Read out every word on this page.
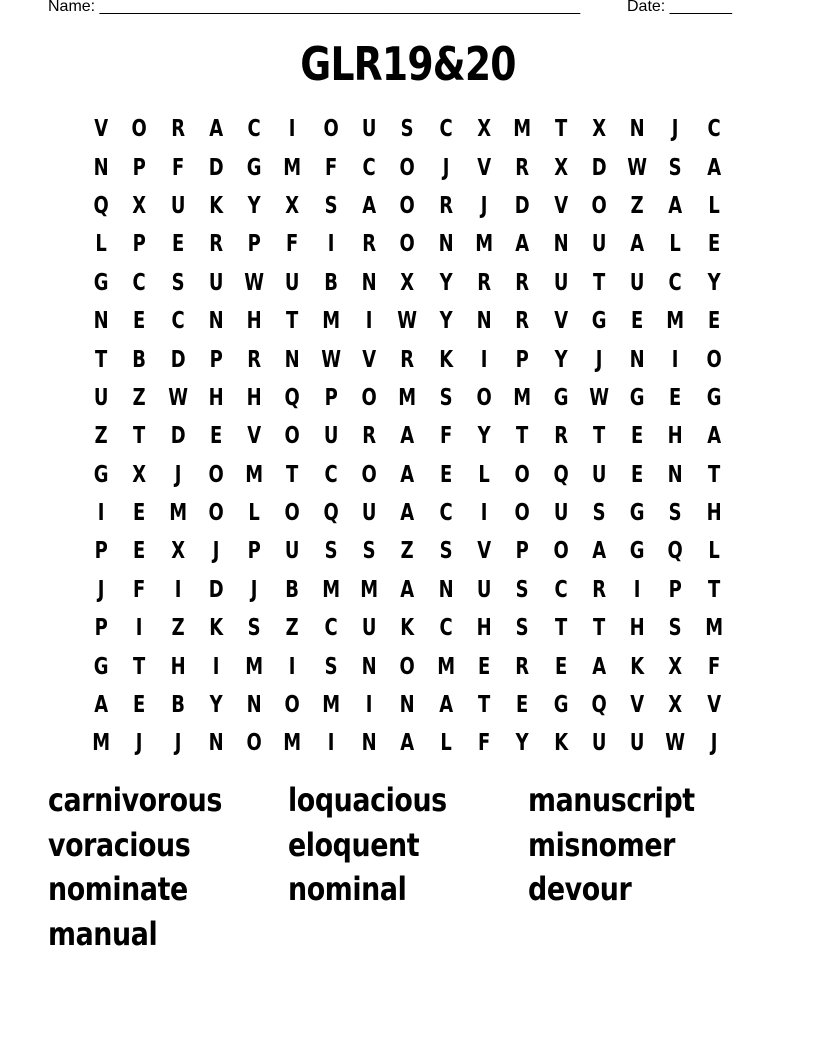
Name: ______________________________________________________	Date: _______
GLR19&20
V	O	R	A	C	I	O	U	S	C	X M	T	X	N	J	C
N	P	F	D	G M	F	C	O	J	V	R	X	D W S	A
Q	X	U	K	Y	X	S	A	O	R	J	D	V	O	Z	A	L
L	P	E	R	P	F	I	R	O	N M A	N	U	A	L	E
G	C	S	U W U	B	N	X	Y	R	R	U	T	U	C	Y
N	E	C	N	H	T	M	I	W Y	N	R	V	G	E	M	E
T	B	D	P	R	N W V	R	K	I	P	Y	J	N	I	O
U	Z W H	H	Q	P	O M S	O M G W G	E	G
Z	T	D	E	V	O	U	R	A	F	Y	T	R	T	E	H	A
G	X	J	O M	T	C	O	A	E	L	O	Q	U	E	N	T
I	E	M O	L	O	Q	U	A	C	I	O	U	S	G	S	H
P	E	X	J	P	U	S	S	Z	S	V	P	O	A	G	Q	L
J	F	I	D	J	B M M A	N	U	S	C	R	I	P	T
P	I	Z	K	S	Z	C	U	K	C	H	S	T	T	H	S M
G	T	H	I	M	I	S	N	O M	E	R	E	A	K	X	F
A	E	B	Y	N	O M	I	N	A	T	E	G	Q	V	X	V
M	J	J	N	O M	I	N	A	L	F	Y	K	U	U W	J
carnivorous	loquacious	manuscript
voracious	eloquent	misnomer
nominate	nominal	devour
manual
